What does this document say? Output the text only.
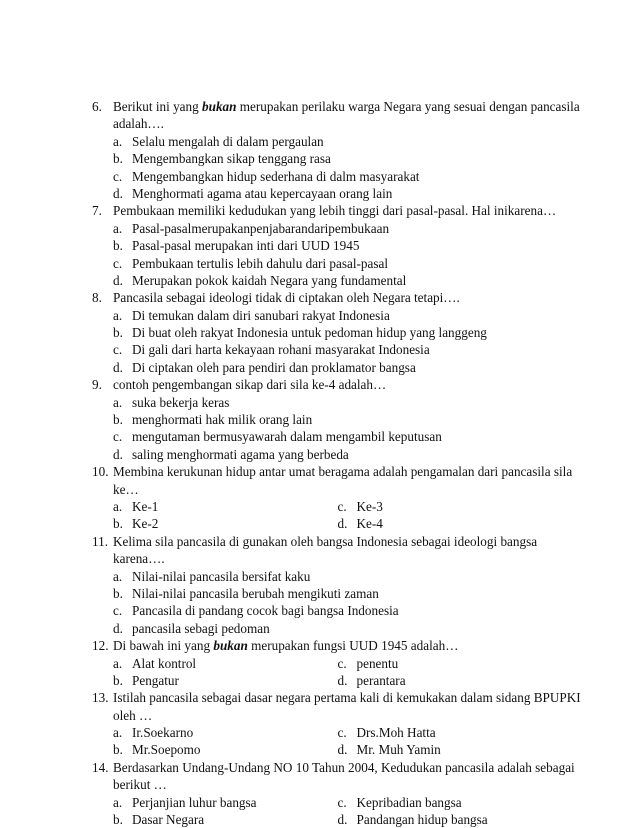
6. Berikut ini yang bukan merupakan perilaku warga Negara yang sesuai dengan pancasila
adalah….
a. Selalu mengalah di dalam pergaulan
b. Mengembangkan sikap tenggang rasa
c. Mengembangkan hidup sederhana di dalm masyarakat
d. Menghormati agama atau kepercayaan orang lain
7. Pembukaan memiliki kedudukan yang lebih tinggi dari pasal-pasal. Hal inikarena…
a. Pasal-pasalmerupakanpenjabarandaripembukaan
b. Pasal-pasal merupakan inti dari UUD 1945
c. Pembukaan tertulis lebih dahulu dari pasal-pasal
d. Merupakan pokok kaidah Negara yang fundamental
8. Pancasila sebagai ideologi tidak di ciptakan oleh Negara tetapi….
a. Di temukan dalam diri sanubari rakyat Indonesia
b. Di buat oleh rakyat Indonesia untuk pedoman hidup yang langgeng
c. Di gali dari harta kekayaan rohani masyarakat Indonesia
d. Di ciptakan oleh para pendiri dan proklamator bangsa
9. contoh pengembangan sikap dari sila ke-4 adalah…
a. suka bekerja keras
b. menghormati hak milik orang lain
c. mengutaman bermusyawarah dalam mengambil keputusan
d. saling menghormati agama yang berbeda
10. Membina kerukunan hidup antar umat beragama adalah pengamalan dari pancasila sila
ke…
a. Ke-1	c. Ke-3
b. Ke-2	d. Ke-4
11. Kelima sila pancasila di gunakan oleh bangsa Indonesia sebagai ideologi bangsa
karena….
a. Nilai-nilai pancasila bersifat kaku
b. Nilai-nilai pancasila berubah mengikuti zaman
c. Pancasila di pandang cocok bagi bangsa Indonesia
d. pancasila sebagi pedoman
12. Di bawah ini yang bukan merupakan fungsi UUD 1945 adalah…
a. Alat kontrol	c. penentu
b. Pengatur	d. perantara
13. Istilah pancasila sebagai dasar negara pertama kali di kemukakan dalam sidang BPUPKI
oleh …
a. Ir.Soekarno	c. Drs.Moh Hatta
b. Mr.Soepomo	d. Mr. Muh Yamin
14. Berdasarkan Undang-Undang NO 10 Tahun 2004, Kedudukan pancasila adalah sebagai
berikut …
a. Perjanjian luhur bangsa	c. Kepribadian bangsa
b. Dasar Negara	d. Pandangan hidup bangsa
